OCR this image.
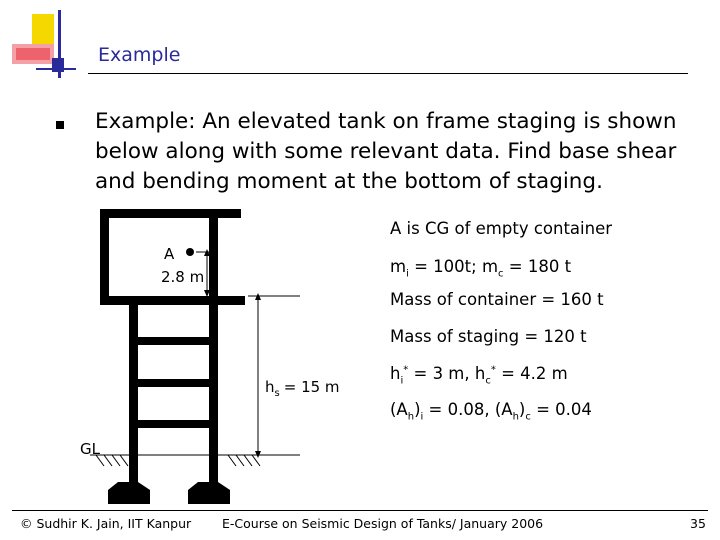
Example
Example: An elevated tank on frame staging is shown below along with some relevant data. Find base shear and bending moment at the bottom of staging.
A
2.8 m
$h_s = 15$ m
GL
A is CG of empty container
$m_i = 100t$; $m_c = 180$ t
Mass of container = 160 t
Mass of staging = 120 t
$h_i^* = 3$ m, $h_c^* = 4.2$ m
$(A_h)_i = 0.08$, $(A_h)_c = 0.04$
© Sudhir K. Jain, IIT Kanpur E-Course on Seismic Design of Tanks/ January 2006	35
